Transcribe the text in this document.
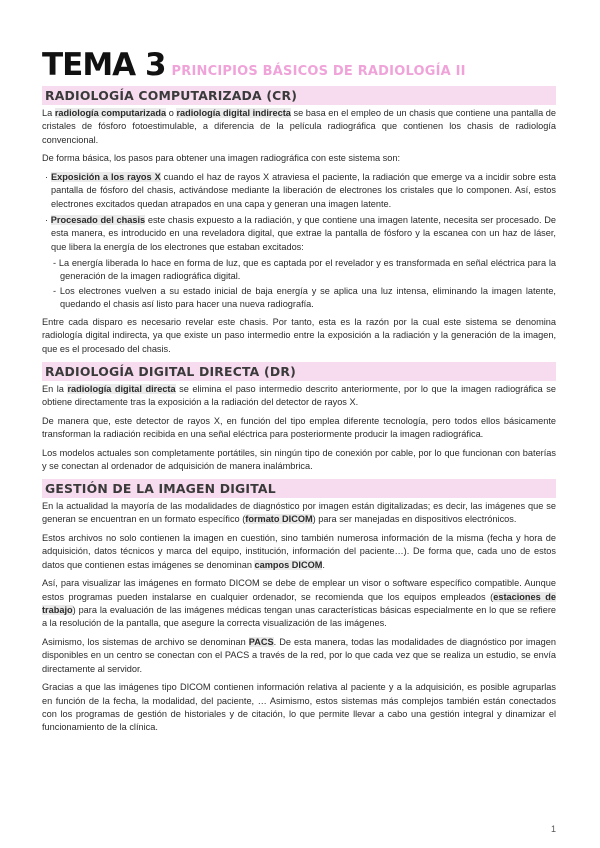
TEMA 3 PRINCIPIOS BÁSICOS DE RADIOLOGÍA II
RADIOLOGÍA COMPUTARIZADA (CR)

La radiología computarizada o radiología digital indirecta se basa en el empleo de un chasis que contiene una pantalla de cristales de fósforo fotoestimulable, a diferencia de la película radiográfica que contienen los chasis de radiología convencional.

De forma básica, los pasos para obtener una imagen radiográfica con este sistema son:

· Exposición a los rayos X cuando el haz de rayos X atraviesa el paciente, la radiación que emerge va a incidir sobre esta pantalla de fósforo del chasis, activándose mediante la liberación de electrones los cristales que lo componen. Así, estos electrones excitados quedan atrapados en una capa y generan una imagen latente.

· Procesado del chasis este chasis expuesto a la radiación, y que contiene una imagen latente, necesita ser procesado. De esta manera, es introducido en una reveladora digital, que extrae la pantalla de fósforo y la escanea con un haz de láser, que libera la energía de los electrones que estaban excitados:

- La energía liberada lo hace en forma de luz, que es captada por el revelador y es transformada en señal eléctrica para la generación de la imagen radiográfica digital.

- Los electrones vuelven a su estado inicial de baja energía y se aplica una luz intensa, eliminando la imagen latente, quedando el chasis así listo para hacer una nueva radiografía.

Entre cada disparo es necesario revelar este chasis. Por tanto, esta es la razón por la cual este sistema se denomina radiología digital indirecta, ya que existe un paso intermedio entre la exposición a la radiación y la generación de la imagen, que es el procesado del chasis.

RADIOLOGÍA DIGITAL DIRECTA (DR)

En la radiología digital directa se elimina el paso intermedio descrito anteriormente, por lo que la imagen radiográfica se obtiene directamente tras la exposición a la radiación del detector de rayos X.

De manera que, este detector de rayos X, en función del tipo emplea diferente tecnología, pero todos ellos básicamente transforman la radiación recibida en una señal eléctrica para posteriormente producir la imagen radiográfica.

Los modelos actuales son completamente portátiles, sin ningún tipo de conexión por cable, por lo que funcionan con baterías y se conectan al ordenador de adquisición de manera inalámbrica.

GESTIÓN DE LA IMAGEN DIGITAL

En la actualidad la mayoría de las modalidades de diagnóstico por imagen están digitalizadas; es decir, las imágenes que se generan se encuentran en un formato específico (formato DICOM) para ser manejadas en dispositivos electrónicos.

Estos archivos no solo contienen la imagen en cuestión, sino también numerosa información de la misma (fecha y hora de adquisición, datos técnicos y marca del equipo, institución, información del paciente…). De forma que, cada uno de estos datos que contienen estas imágenes se denominan campos DICOM.

Así, para visualizar las imágenes en formato DICOM se debe de emplear un visor o software específico compatible. Aunque estos programas pueden instalarse en cualquier ordenador, se recomienda que los equipos empleados (estaciones de trabajo) para la evaluación de las imágenes médicas tengan unas características básicas especialmente en lo que se refiere a la resolución de la pantalla, que asegure la correcta visualización de las imágenes.

Asimismo, los sistemas de archivo se denominan PACS. De esta manera, todas las modalidades de diagnóstico por imagen disponibles en un centro se conectan con el PACS a través de la red, por lo que cada vez que se realiza un estudio, se envía directamente al servidor.

Gracias a que las imágenes tipo DICOM contienen información relativa al paciente y a la adquisición, es posible agruparlas en función de la fecha, la modalidad, del paciente, … Asimismo, estos sistemas más complejos también están conectados con los programas de gestión de historiales y de citación, lo que permite llevar a cabo una gestión integral y dinamizar el funcionamiento de la clínica.

1
